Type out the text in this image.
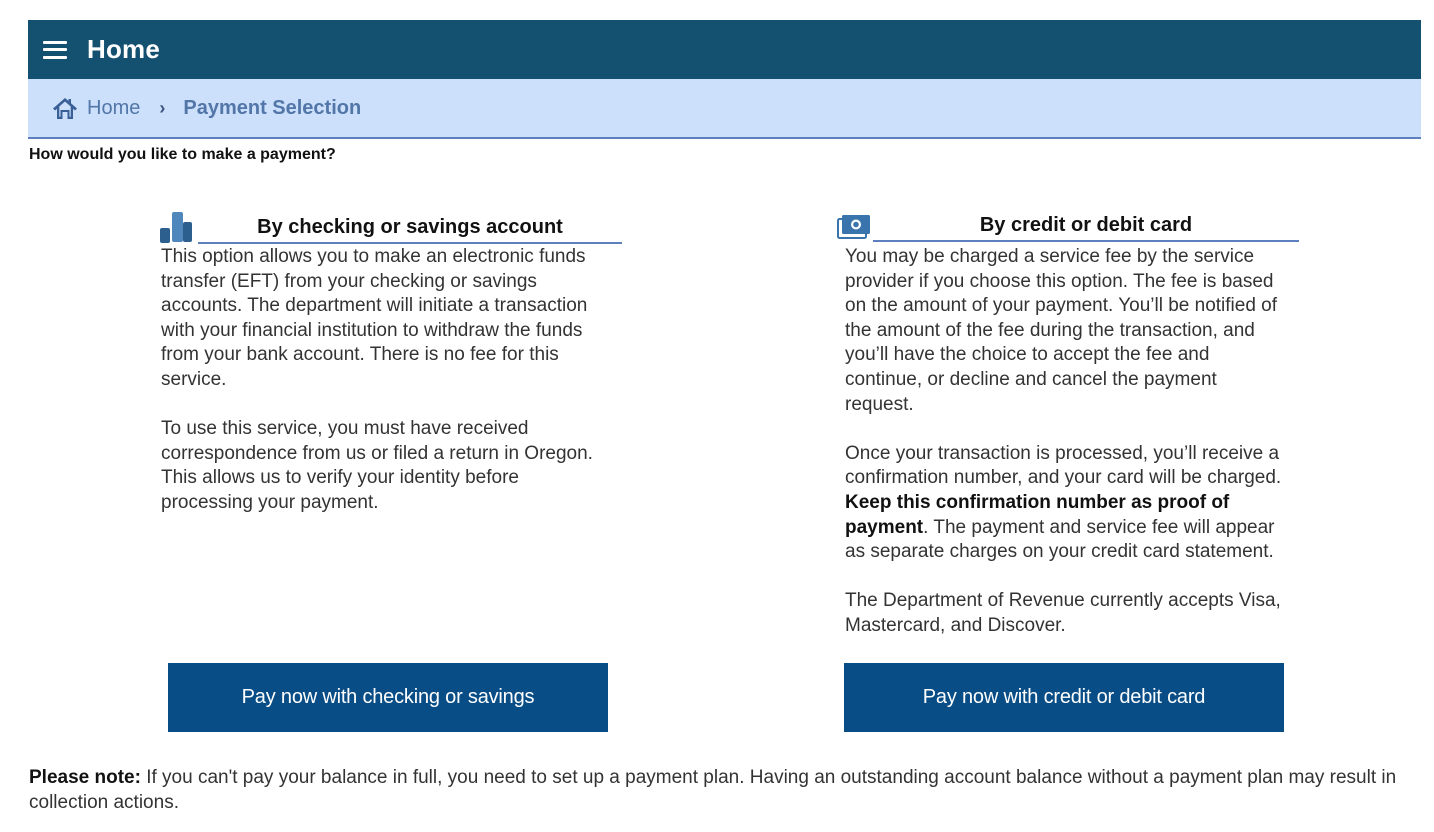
Home
Home › Payment Selection
How would you like to make a payment?
By checking or savings account

This option allows you to make an electronic funds transfer (EFT) from your checking or savings accounts. The department will initiate a transaction with your financial institution to withdraw the funds from your bank account. There is no fee for this service.

To use this service, you must have received correspondence from us or filed a return in Oregon. This allows us to verify your identity before processing your payment.

Pay now with checking or savings
By credit or debit card

You may be charged a service fee by the service provider if you choose this option. The fee is based on the amount of your payment. You’ll be notified of the amount of the fee during the transaction, and you’ll have the choice to accept the fee and continue, or decline and cancel the payment request.

Once your transaction is processed, you’ll receive a confirmation number, and your card will be charged. Keep this confirmation number as proof of payment. The payment and service fee will appear as separate charges on your credit card statement.

The Department of Revenue currently accepts Visa, Mastercard, and Discover.

Pay now with credit or debit card
Please note: If you can't pay your balance in full, you need to set up a payment plan. Having an outstanding account balance without a payment plan may result in collection actions.
